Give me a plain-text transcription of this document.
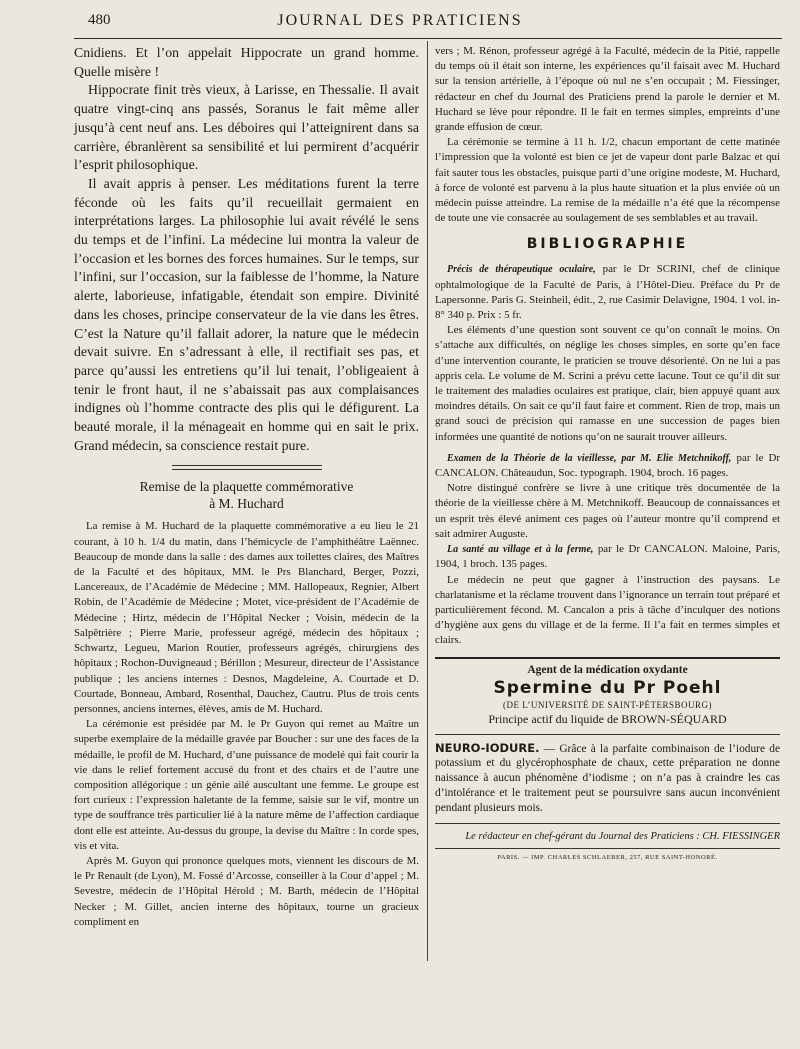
480	JOURNAL DES PRATICIENS

Cnidiens. Et l’on appelait Hippocrate un grand homme. Quelle misère !

Hippocrate finit très vieux, à Larisse, en Thessalie. Il avait quatre vingt-cinq ans passés, Soranus le fait même aller jusqu’à cent neuf ans. Les déboires qui l’atteignirent dans sa carrière, ébranlèrent sa sensibilité et lui permirent d’acquérir l’esprit philosophique.

Il avait appris à penser. Les méditations furent la terre féconde où les faits qu’il recueillait germaient en interprétations larges. La philosophie lui avait révélé le sens du temps et de l’infini. La médecine lui montra la valeur de l’occasion et les bornes des forces humaines. Sur le temps, sur l’infini, sur l’occasion, sur la faiblesse de l’homme, la Nature alerte, laborieuse, infatigable, étendait son empire. Divinité dans les choses, principe conservateur de la vie dans les êtres. C’est la Nature qu’il fallait adorer, la nature que le médecin devait suivre. En s’adressant à elle, il rectifiait ses pas, et parce qu’aussi les entretiens qu’il lui tenait, l’obligeaient à tenir le front haut, il ne s’abaissait pas aux complaisances indignes où l’homme contracte des plis qui le défigurent. La beauté morale, il la ménageait en homme qui en sait le prix. Grand médecin, sa conscience restait pure.

Remise de la plaquette commémorative

à M. Huchard

La remise à M. Huchard de la plaquette commémorative a eu lieu le 21 courant, à 10 h. 1/4 du matin, dans l’hémicycle de l’amphithéâtre Laënnec. Beaucoup de monde dans la salle : des dames aux toilettes claires, des Maîtres de la Faculté et des hôpitaux, MM. le Prs Blanchard, Berger, Pozzi, Lancereaux, de l’Académie de Médecine ; MM. Hallopeaux, Regnier, Albert Robin, de l’Académie de Médecine ; Motet, vice-président de l’Académie de Médecine ; Hirtz, médecin de l’Hôpital Necker ; Voisin, médecin de la Salpêtrière ; Pierre Marie, professeur agrégé, médecin des hôpitaux ; Schwartz, Legueu, Marion Routier, professeurs agrégés, chirurgiens des hôpitaux ; Rochon-Duvigneaud ; Bérillon ; Mesureur, directeur de l’Assistance publique ; les anciens internes : Desnos, Magdeleine, A. Courtade et D. Courtade, Bonneau, Ambard, Rosenthal, Dauchez, Cautru. Plus de trois cents personnes, anciens internes, élèves, amis de M. Huchard.

La cérémonie est présidée par M. le Pr Guyon qui remet au Maître un superbe exemplaire de la médaille gravée par Boucher : sur une des faces de la médaille, le profil de M. Huchard, d’une puissance de modelé qui fait courir la vie dans le relief fortement accusé du front et des chairs et de l’autre une composition allégorique : un génie ailé auscultant une femme. Le groupe est fort curieux : l’expression haletante de la femme, saisie sur le vif, montre un type de souffrance très particulier lié à la nature même de l’affection cardiaque dont elle est atteinte. Au-dessus du groupe, la devise du Maître : In corde spes, vis et vita.

Après M. Guyon qui prononce quelques mots, viennent les discours de M. le Pr Renault (de Lyon), M. Fossé d’Arcosse, conseiller à la Cour d’appel ; M. Sevestre, médecin de l’Hôpital Hérold ; M. Barth, médecin de l’Hôpital Necker ; M. Gillet, ancien interne des hôpitaux, tourne un gracieux compliment en

vers ; M. Rénon, professeur agrégé à la Faculté, médecin de la Pitié, rappelle du temps où il était son interne, les expériences qu’il faisait avec M. Huchard sur la tension artérielle, à l’époque où nul ne s’en occupait ; M. Fiessinger, rédacteur en chef du Journal des Praticiens prend la parole le dernier et M. Huchard se lève pour répondre. Il le fait en termes simples, empreints d’une grande effusion de cœur.

La cérémonie se termine à 11 h. 1/2, chacun emportant de cette matinée l’impression que la volonté est bien ce jet de vapeur dont parle Balzac et qui fait sauter tous les obstacles, puisque parti d’une origine modeste, M. Huchard, à force de volonté est parvenu à la plus haute situation et la plus enviée où un médecin puisse atteindre. La remise de la médaille n’a été que la récompense de toute une vie consacrée au soulagement de ses semblables et au travail.

BIBLIOGRAPHIE

Précis de thérapeutique oculaire, par le Dr SCRINI, chef de clinique ophtalmologique de la Faculté de Paris, à l’Hôtel-Dieu. Préface du Pr de Lapersonne. Paris G. Steinheil, édit., 2, rue Casimir Delavigne, 1904. 1 vol. in-8° 340 p. Prix : 5 fr.

Les éléments d’une question sont souvent ce qu’on connaît le moins. On s’attache aux difficultés, on néglige les choses simples, en sorte qu’en face d’une intervention courante, le praticien se trouve désorienté. On ne lui a pas appris cela. Le volume de M. Scrini a prévu cette lacune. Tout ce qu’il dit sur le traitement des maladies oculaires est pratique, clair, bien appuyé quant aux moindres détails. On sait ce qu’il faut faire et comment. Rien de trop, mais un grand souci de précision qui ramasse en une succession de pages bien informées une quantité de notions qu’on ne saurait trouver ailleurs.

Examen de la Théorie de la vieillesse, par M. Elie Metchnikoff, par le Dr CANCALON. Châteaudun, Soc. typograph. 1904, broch. 16 pages.

Notre distingué confrère se livre à une critique très documentée de la théorie de la vieillesse chère à M. Metchnikoff. Beaucoup de connaissances et un esprit très élevé animent ces pages où l’auteur montre qu’il comprend et sait admirer Auguste.

La santé au village et à la ferme, par le Dr CANCALON. Maloine, Paris, 1904, 1 broch. 135 pages.

Le médecin ne peut que gagner à l’instruction des paysans. Le charlatanisme et la réclame trouvent dans l’ignorance un terrain tout préparé et particulièrement fécond. M. Cancalon a pris à tâche d’inculquer des notions d’hygiène aux gens du village et de la ferme. Il l’a fait en termes simples et clairs.

Agent de la médication oxydante
Spermine du Pr Poehl
(DE L’UNIVERSITÉ DE SAINT-PÉTERSBOURG)
Principe actif du liquide de BROWN-SÉQUARD

NEURO-IODURE. — Grâce à la parfaite combinaison de l’iodure de potassium et du glycérophosphate de chaux, cette préparation ne donne naissance à aucun phénomène d’iodisme ; on n’a pas à craindre les cas d’intolérance et le traitement peut se poursuivre sans aucun inconvénient pendant plusieurs mois.

Le rédacteur en chef-gérant du Journal des Praticiens : CH. FIESSINGER

PARIS. — IMP. CHARLES SCHLAEBER, 257, RUE SAINT-HONORÉ.
